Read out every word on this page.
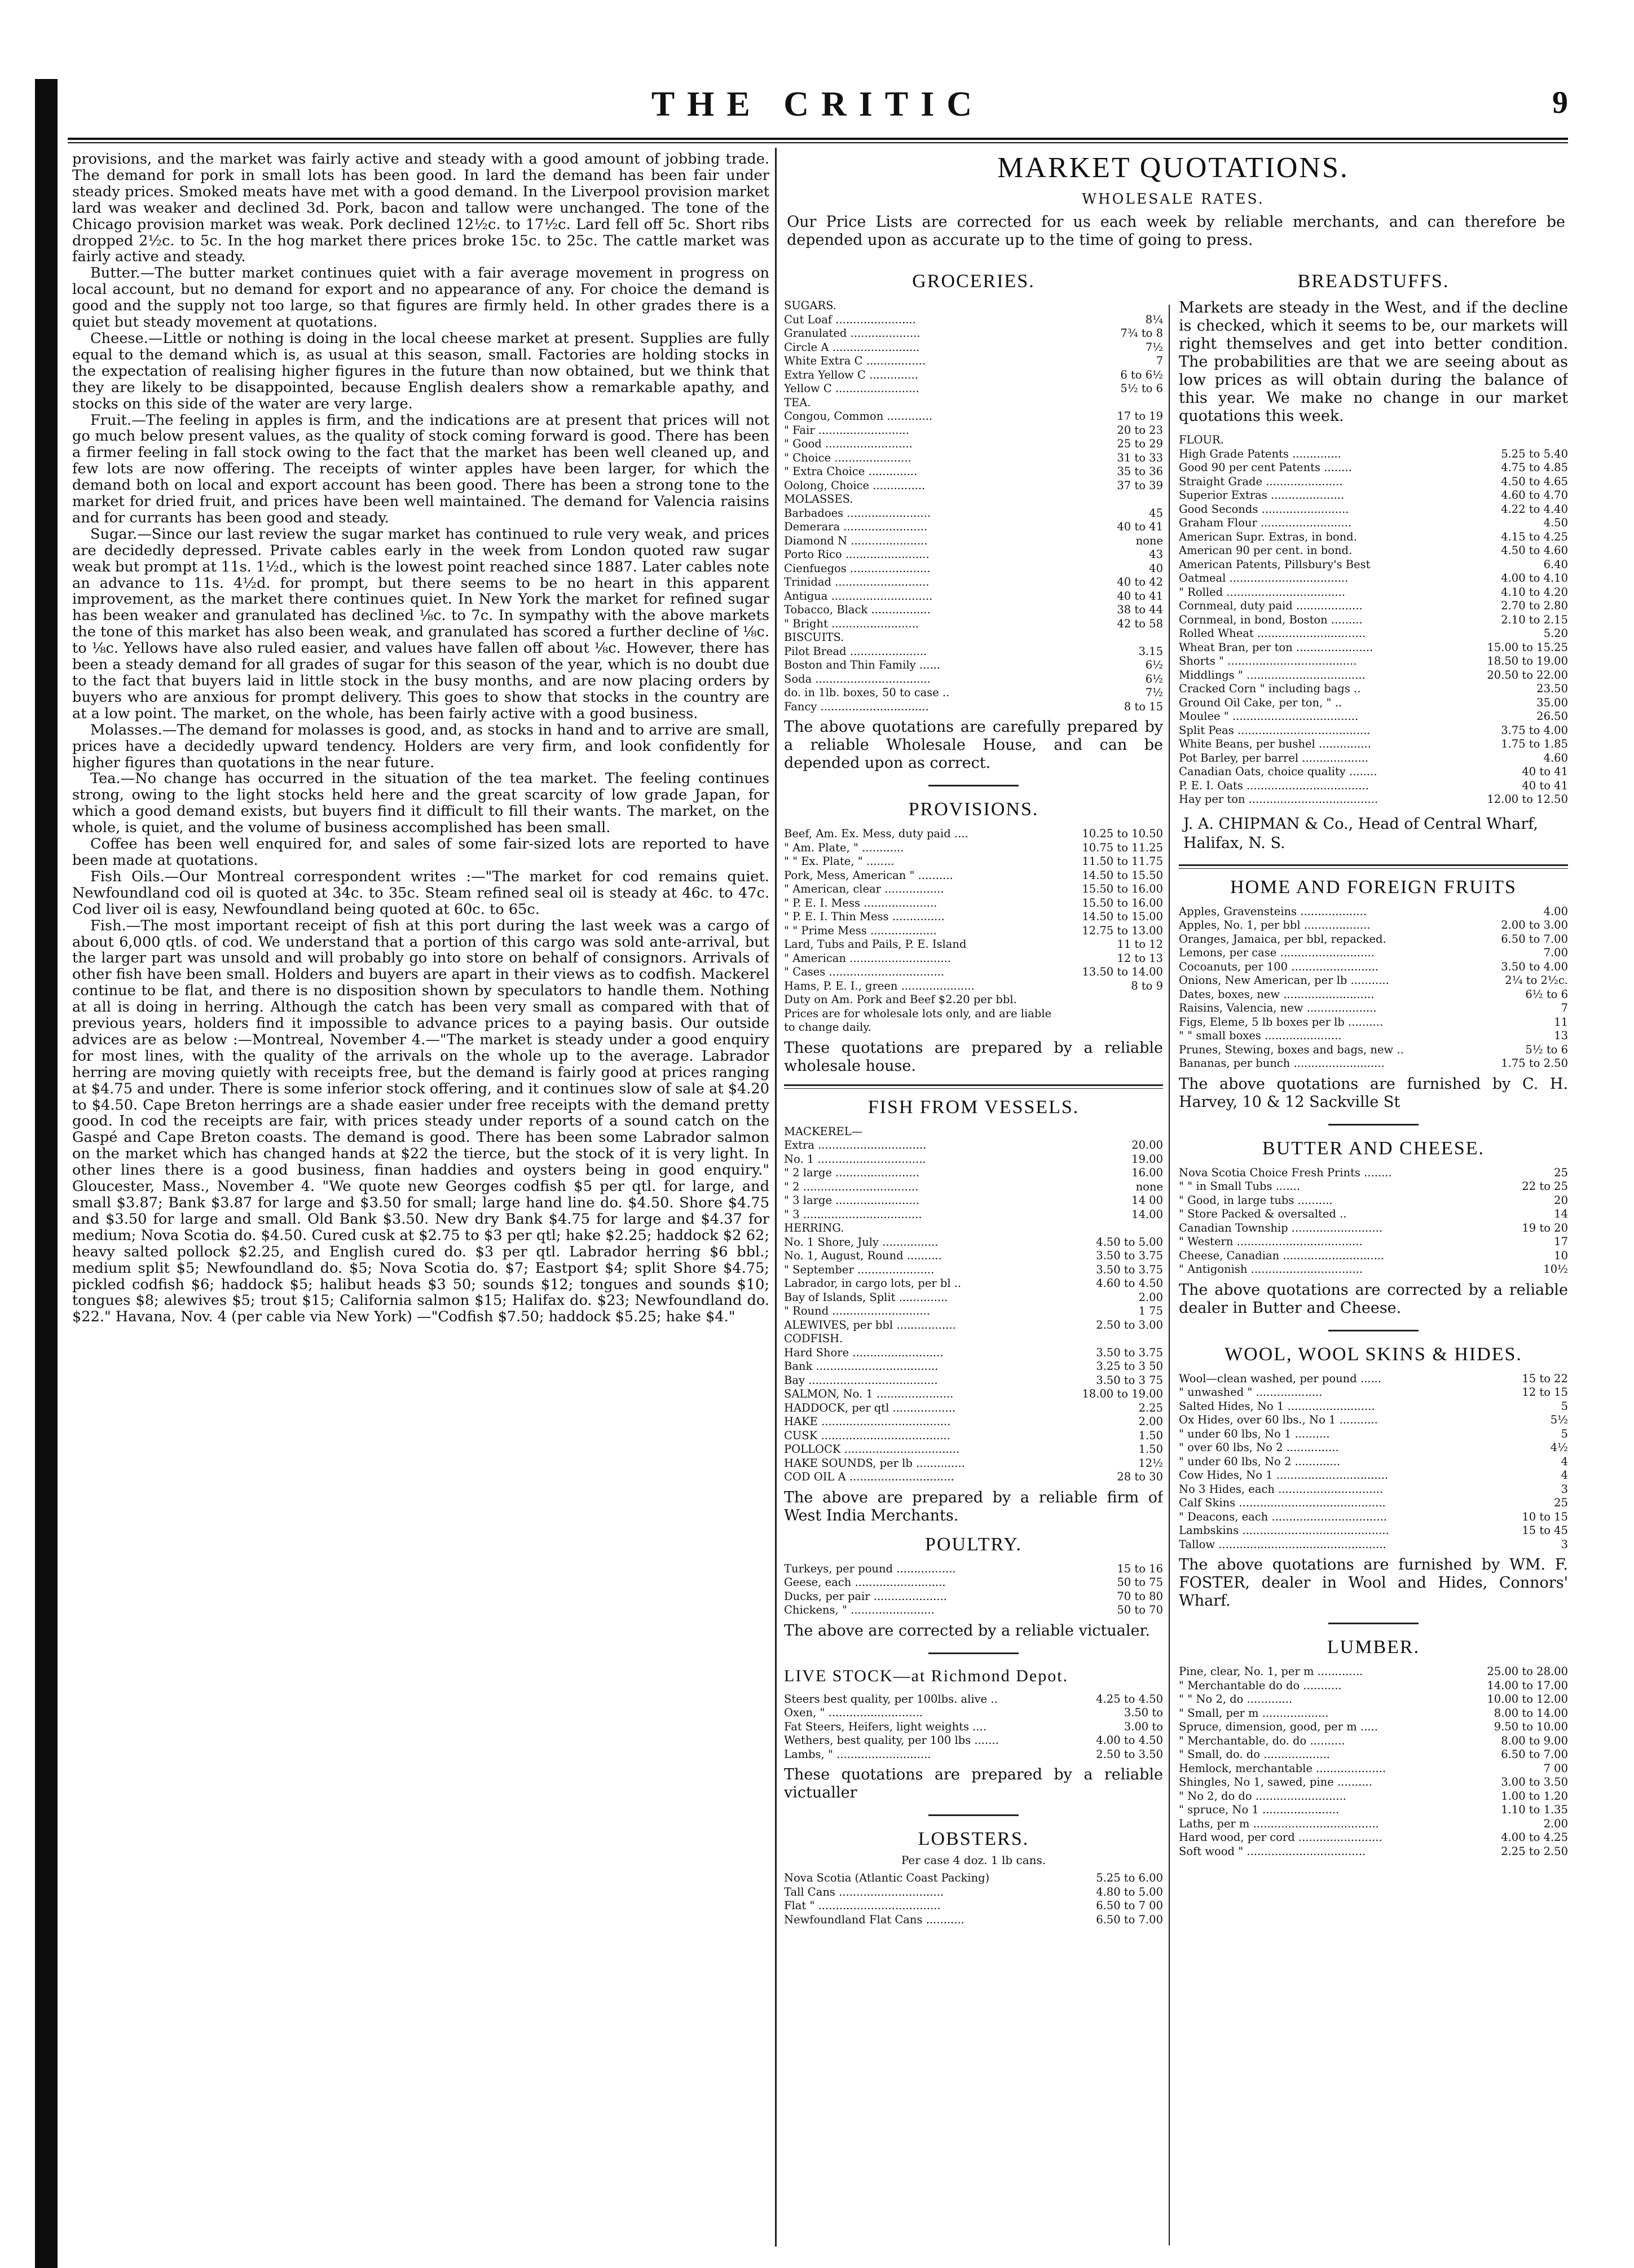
THE CRITIC	9

provisions, and the market was fairly active and steady with a good amount of jobbing trade. The demand for pork in small lots has been good. In lard the demand has been fair under steady prices. Smoked meats have met with a good demand. In the Liverpool provision market lard was weaker and declined 3d. Pork, bacon and tallow were unchanged. The tone of the Chicago provision market was weak. Pork declined 12½c. to 17½c. Lard fell off 5c. Short ribs dropped 2½c. to 5c. In the hog market there prices broke 15c. to 25c. The cattle market was fairly active and steady.

Butter.—The butter market continues quiet with a fair average movement in progress on local account, but no demand for export and no appearance of any. For choice the demand is good and the supply not too large, so that figures are firmly held. In other grades there is a quiet but steady movement at quotations.

Cheese.—Little or nothing is doing in the local cheese market at present. Supplies are fully equal to the demand which is, as usual at this season, small. Factories are holding stocks in the expectation of realising higher figures in the future than now obtained, but we think that they are likely to be disappointed, because English dealers show a remarkable apathy, and stocks on this side of the water are very large.

Fruit.—The feeling in apples is firm, and the indications are at present that prices will not go much below present values, as the quality of stock coming forward is good. There has been a firmer feeling in fall stock owing to the fact that the market has been well cleaned up, and few lots are now offering. The receipts of winter apples have been larger, for which the demand both on local and export account has been good. There has been a strong tone to the market for dried fruit, and prices have been well maintained. The demand for Valencia raisins and for currants has been good and steady.

Sugar.—Since our last review the sugar market has continued to rule very weak, and prices are decidedly depressed. Private cables early in the week from London quoted raw sugar weak but prompt at 11s. 1½d., which is the lowest point reached since 1887. Later cables note an advance to 11s. 4½d. for prompt, but there seems to be no heart in this apparent improvement, as the market there continues quiet. In New York the market for refined sugar has been weaker and granulated has declined ⅛c. to 7c. In sympathy with the above markets the tone of this market has also been weak, and granulated has scored a further decline of ⅛c. to ⅛c. Yellows have also ruled easier, and values have fallen off about ⅛c. However, there has been a steady demand for all grades of sugar for this season of the year, which is no doubt due to the fact that buyers laid in little stock in the busy months, and are now placing orders by buyers who are anxious for prompt delivery. This goes to show that stocks in the country are at a low point. The market, on the whole, has been fairly active with a good business.

Molasses.—The demand for molasses is good, and, as stocks in hand and to arrive are small, prices have a decidedly upward tendency. Holders are very firm, and look confidently for higher figures than quotations in the near future.

Tea.—No change has occurred in the situation of the tea market. The feeling continues strong, owing to the light stocks held here and the great scarcity of low grade Japan, for which a good demand exists, but buyers find it difficult to fill their wants. The market, on the whole, is quiet, and the volume of business accomplished has been small.

Coffee has been well enquired for, and sales of some fair-sized lots are reported to have been made at quotations.

Fish Oils.—Our Montreal correspondent writes :—"The market for cod remains quiet. Newfoundland cod oil is quoted at 34c. to 35c. Steam refined seal oil is steady at 46c. to 47c. Cod liver oil is easy, Newfoundland being quoted at 60c. to 65c.

Fish.—The most important receipt of fish at this port during the last week was a cargo of about 6,000 qtls. of cod. We understand that a portion of this cargo was sold ante-arrival, but the larger part was unsold and will probably go into store on behalf of consignors. Arrivals of other fish have been small. Holders and buyers are apart in their views as to codfish. Mackerel continue to be flat, and there is no disposition shown by speculators to handle them. Nothing at all is doing in herring. Although the catch has been very small as compared with that of previous years, holders find it impossible to advance prices to a paying basis. Our outside advices are as below :—Montreal, November 4.—"The market is steady under a good enquiry for most lines, with the quality of the arrivals on the whole up to the average. Labrador herring are moving quietly with receipts free, but the demand is fairly good at prices ranging at $4.75 and under. There is some inferior stock offering, and it continues slow of sale at $4.20 to $4.50. Cape Breton herrings are a shade easier under free receipts with the demand pretty good. In cod the receipts are fair, with prices steady under reports of a sound catch on the Gaspé and Cape Breton coasts. The demand is good. There has been some Labrador salmon on the market which has changed hands at $22 the tierce, but the stock of it is very light. In other lines there is a good business, finan haddies and oysters being in good enquiry." Gloucester, Mass., November 4. "We quote new Georges codfish $5 per qtl. for large, and small $3.87; Bank $3.87 for large and $3.50 for small; large hand line do. $4.50. Shore $4.75 and $3.50 for large and small. Old Bank $3.50. New dry Bank $4.75 for large and $4.37 for medium; Nova Scotia do. $4.50. Cured cusk at $2.75 to $3 per qtl; hake $2.25; haddock $2 62; heavy salted pollock $2.25, and English cured do. $3 per qtl. Labrador herring $6 bbl.; medium split $5; Newfoundland do. $5; Nova Scotia do. $7; Eastport $4; split Shore $4.75; pickled codfish $6; haddock $5; halibut heads $3 50; sounds $12; tongues and sounds $10; tongues $8; alewives $5; trout $15; California salmon $15; Halifax do. $23; Newfoundland do. $22." Havana, Nov. 4 (per cable via New York) —"Codfish $7.50; haddock $5.25; hake $4."

MARKET QUOTATIONS.
WHOLESALE RATES.
Our Price Lists are corrected for us each week by reliable merchants, and can therefore be depended upon as accurate up to the time of going to press.
GROCERIES.
SUGARS.
Cut Loaf .......................	8¼
Granulated ....................	7¾ to 8
Circle A .........................	7½
White Extra C .................	7
Extra Yellow C ..............	6 to 6½
Yellow C ........................	5½ to 6
TEA.
Congou, Common .............	17 to 19
" Fair ..........................	20 to 23
" Good .........................	25 to 29
" Choice ......................	31 to 33
" Extra Choice ..............	35 to 36
Oolong, Choice ...............	37 to 39
MOLASSES.
Barbadoes ........................	45
Demerara ........................	40 to 41
Diamond N ......................	none
Porto Rico ........................	43
Cienfuegos .......................	40
Trinidad ...........................	40 to 42
Antigua .............................	40 to 41
Tobacco, Black .................	38 to 44
" Bright .........................	42 to 58
BISCUITS.
Pilot Bread ......................	3.15
Boston and Thin Family ......	6½
Soda .................................	6½
do. in 1lb. boxes, 50 to case ..	7½
Fancy ...............................	8 to 15
The above quotations are carefully prepared by a reliable Wholesale House, and can be depended upon as correct.
PROVISIONS.
Beef, Am. Ex. Mess, duty paid ....	10.25 to 10.50
" Am. Plate, " ............	10.75 to 11.25
" " Ex. Plate, " ........	11.50 to 11.75
Pork, Mess, American " ..........	14.50 to 15.50
" American, clear .................	15.50 to 16.00
" P. E. I. Mess .....................	15.50 to 16.00
" P. E. I. Thin Mess ...............	14.50 to 15.00
" " Prime Mess ...................	12.75 to 13.00
Lard, Tubs and Pails, P. E. Island	11 to 12
" American .............................	12 to 13
" Cases .................................	13.50 to 14.00
Hams, P. E. I., green .....................	8 to 9
Duty on Am. Pork and Beef $2.20 per bbl.
Prices are for wholesale lots only, and are liable
to change daily.
These quotations are prepared by a reliable wholesale house.
FISH FROM VESSELS.
MACKEREL—
Extra ...............................	20.00
No. 1 ...............................	19.00
" 2 large ........................	16.00
" 2 .................................	none
" 3 large ........................	14 00
" 3 ..................................	14.00
HERRING.
No. 1 Shore, July ................	4.50 to 5.00
No. 1, August, Round ..........	3.50 to 3.75
" September ......................	3.50 to 3.75
Labrador, in cargo lots, per bl ..	4.60 to 4.50
Bay of Islands, Split ..............	2.00
" Round ............................	1 75
ALEWIVES, per bbl .................	2.50 to 3.00
CODFISH.
Hard Shore ..........................	3.50 to 3.75
Bank ...................................	3.25 to 3 50
Bay .....................................	3.50 to 3 75
SALMON, No. 1 ......................	18.00 to 19.00
HADDOCK, per qtl ..................	2.25
HAKE .....................................	2.00
CUSK .....................................	1.50
POLLOCK .................................	1.50
HAKE SOUNDS, per lb ..............	12½
COD OIL A ..............................	28 to 30
The above are prepared by a reliable firm of West India Merchants.
POULTRY.
Turkeys, per pound .................	15 to 16
Geese, each ..........................	50 to 75
Ducks, per pair .....................	70 to 80
Chickens, " ........................	50 to 70
The above are corrected by a reliable victualer.
LIVE STOCK—at Richmond Depot.
Steers best quality, per 100lbs. alive ..	4.25 to 4.50
Oxen, " ...........................	3.50 to
Fat Steers, Heifers, light weights ....	3.00 to
Wethers, best quality, per 100 lbs .......	4.00 to 4.50
Lambs, " ...........................	2.50 to 3.50
These quotations are prepared by a reliable victualler
LOBSTERS.
Per case 4 doz. 1 lb cans.
Nova Scotia (Atlantic Coast Packing)	5.25 to 6.00
Tall Cans ..............................	4.80 to 5.00
Flat " ...................................	6.50 to 7 00
Newfoundland Flat Cans ...........	6.50 to 7.00
BREADSTUFFS.
Markets are steady in the West, and if the decline is checked, which it seems to be, our markets will right themselves and get into better condition. The probabilities are that we are seeing about as low prices as will obtain during the balance of this year. We make no change in our market quotations this week.
FLOUR.
High Grade Patents ..............	5.25 to 5.40
Good 90 per cent Patents ........	4.75 to 4.85
Straight Grade ......................	4.50 to 4.65
Superior Extras .....................	4.60 to 4.70
Good Seconds .........................	4.22 to 4.40
Graham Flour ..........................	4.50
American Supr. Extras, in bond.	4.15 to 4.25
American 90 per cent. in bond.	4.50 to 4.60
American Patents, Pillsbury's Best	6.40
Oatmeal ..................................	4.00 to 4.10
" Rolled ..................................	4.10 to 4.20
Cornmeal, duty paid ...................	2.70 to 2.80
Cornmeal, in bond, Boston .........	2.10 to 2.15
Rolled Wheat ...............................	5.20
Wheat Bran, per ton ......................	15.00 to 15.25
Shorts " .....................................	18.50 to 19.00
Middlings " ..................................	20.50 to 22.00
Cracked Corn " including bags ..	23.50
Ground Oil Cake, per ton, " ..	35.00
Moulee " ....................................	26.50
Split Peas ......................................	3.75 to 4.00
White Beans, per bushel ...............	1.75 to 1.85
Pot Barley, per barrel ...................	4.60
Canadian Oats, choice quality ........	40 to 41
P. E. I. Oats ...................................	40 to 41
Hay per ton .....................................	12.00 to 12.50
J. A. CHIPMAN & Co., Head of Central Wharf, Halifax, N. S.
HOME AND FOREIGN FRUITS
Apples, Gravensteins ...................	4.00
Apples, No. 1, per bbl ...................	2.00 to 3.00
Oranges, Jamaica, per bbl, repacked.	6.50 to 7.00
Lemons, per case ...........................	7.00
Cocoanuts, per 100 .........................	3.50 to 4.00
Onions, New American, per lb ...........	2¼ to 2½c.
Dates, boxes, new ..........................	6½ to 6
Raisins, Valencia, new ....................	7
Figs, Eleme, 5 lb boxes per lb ..........	11
" " small boxes ......................	13
Prunes, Stewing, boxes and bags, new ..	5½ to 6
Bananas, per bunch ..........................	1.75 to 2.50
The above quotations are furnished by C. H. Harvey, 10 & 12 Sackville St
BUTTER AND CHEESE.
Nova Scotia Choice Fresh Prints ........	25
" " in Small Tubs .......	22 to 25
" Good, in large tubs ..........	20
" Store Packed & oversalted ..	14
Canadian Township ..........................	19 to 20
" Western ....................................	17
Cheese, Canadian .............................	10
" Antigonish ................................	10½
The above quotations are corrected by a reliable dealer in Butter and Cheese.
WOOL, WOOL SKINS & HIDES.
Wool—clean washed, per pound ......	15 to 22
" unwashed " ...................	12 to 15
Salted Hides, No 1 .........................	5
Ox Hides, over 60 lbs., No 1 ...........	5½
" under 60 lbs, No 1 ..........	5
" over 60 lbs, No 2 ...............	4½
" under 60 lbs, No 2 .............	4
Cow Hides, No 1 ................................	4
No 3 Hides, each ..............................	3
Calf Skins ..........................................	25
" Deacons, each .................................	10 to 15
Lambskins ..........................................	15 to 45
Tallow ................................................	3
The above quotations are furnished by WM. F. FOSTER, dealer in Wool and Hides, Connors' Wharf.
LUMBER.
Pine, clear, No. 1, per m .............	25.00 to 28.00
" Merchantable do do ...........	14.00 to 17.00
" " No 2, do .............	10.00 to 12.00
" Small, per m ...................	8.00 to 14.00
Spruce, dimension, good, per m .....	9.50 to 10.00
" Merchantable, do. do ..........	8.00 to 9.00
" Small, do. do ...................	6.50 to 7.00
Hemlock, merchantable ....................	7 00
Shingles, No 1, sawed, pine ..........	3.00 to 3.50
" No 2, do do ..........................	1.00 to 1.20
" spruce, No 1 ......................	1.10 to 1.35
Laths, per m ....................................	2.00
Hard wood, per cord ........................	4.00 to 4.25
Soft wood " ..................................	2.25 to 2.50
